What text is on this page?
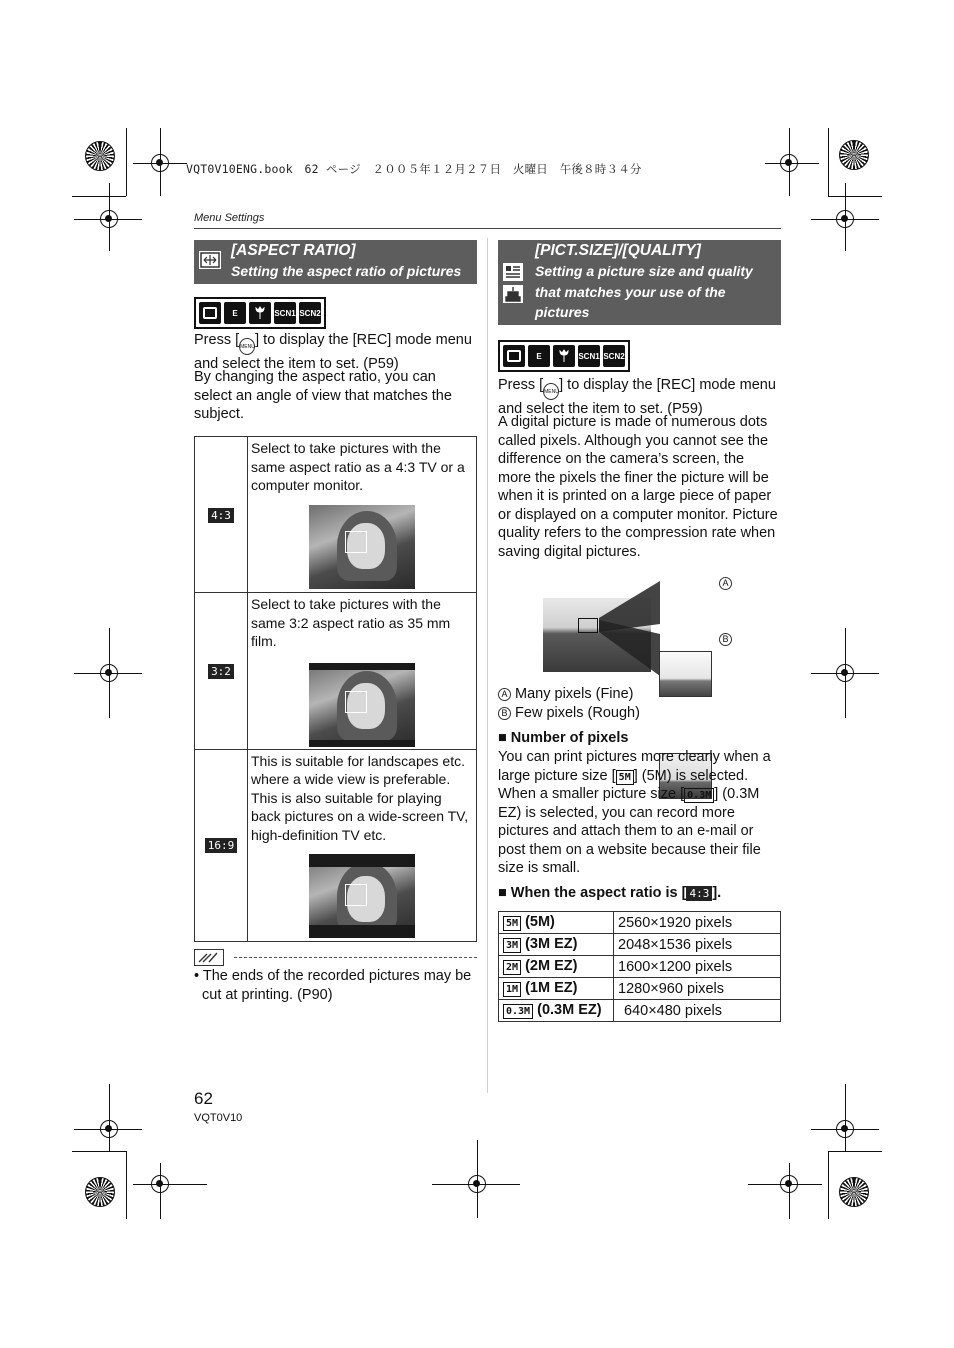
VQT0V10ENG.book　62 ページ　２００５年１２月２７日　火曜日　午後８時３４分
Menu Settings
[ASPECT RATIO]
Setting the aspect ratio of pictures
E	SCN1 SCN2
Press [MENU] to display the [REC] mode menu and select the item to set. (P59)
By changing the aspect ratio, you can select an angle of view that matches the subject.
4:3	Select to take pictures with the same aspect ratio as a 4:3 TV or a computer monitor.

3:2	Select to take pictures with the same 3:2 aspect ratio as 35 mm film.

16:9	This is suitable for landscapes etc. where a wide view is preferable. This is also suitable for playing back pictures on a wide-screen TV, high-definition TV etc.
• The ends of the recorded pictures may be cut at printing. (P90)
[PICT.SIZE]/[QUALITY]
Setting a picture size and quality
that matches your use of the
pictures
E	SCN1 SCN2
Press [MENU] to display the [REC] mode menu and select the item to set. (P59)
A digital picture is made of numerous dots called pixels. Although you cannot see the difference on the camera’s screen, the more the pixels the finer the picture will be when it is printed on a large piece of paper or displayed on a computer monitor. Picture quality refers to the compression rate when saving digital pictures.
A
B
A Many pixels (Fine)
B Few pixels (Rough)
■ Number of pixels
You can print pictures more clearly when a large picture size [ 5M ] (5M) is selected. When a smaller picture size [ 0.3M ] (0.3M EZ) is selected, you can record more pictures and attach them to an e-mail or post them on a website because their file size is small.
■ When the aspect ratio is [ 4:3 ].
5M (5M)	2560×1920 pixels
3M (3M EZ)	2048×1536 pixels
2M (2M EZ)	1600×1200 pixels
1M (1M EZ)	1280×960 pixels
0.3M (0.3M EZ)	640×480 pixels
62
VQT0V10
